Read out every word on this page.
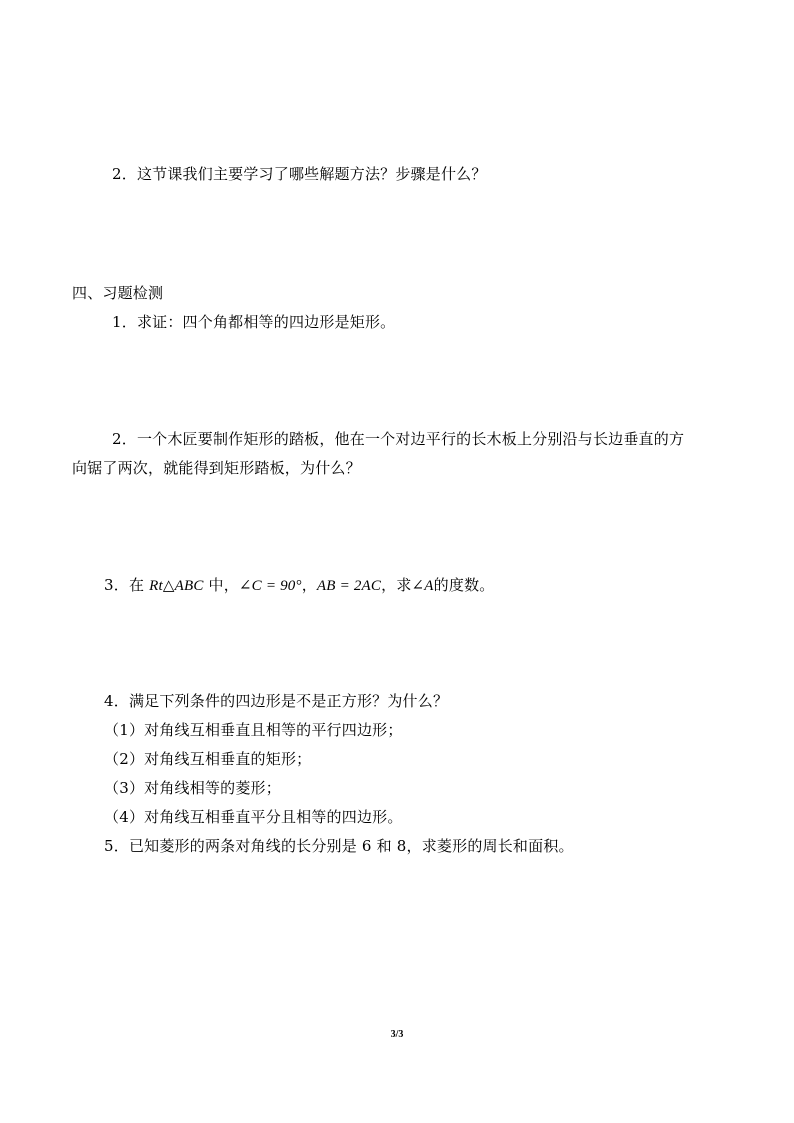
2．这节课我们主要学习了哪些解题方法？步骤是什么？
四、习题检测
1．求证：四个角都相等的四边形是矩形。
2．一个木匠要制作矩形的踏板，他在一个对边平行的长木板上分别沿与长边垂直的方
向锯了两次，就能得到矩形踏板，为什么？
3．在 Rt△ABC 中，∠C = 90°，AB = 2AC，求∠A的度数。
4．满足下列条件的四边形是不是正方形？为什么？
（1）对角线互相垂直且相等的平行四边形；
（2）对角线互相垂直的矩形；
（3）对角线相等的菱形；
（4）对角线互相垂直平分且相等的四边形。
5．已知菱形的两条对角线的长分别是 6 和 8，求菱形的周长和面积。
3/3
